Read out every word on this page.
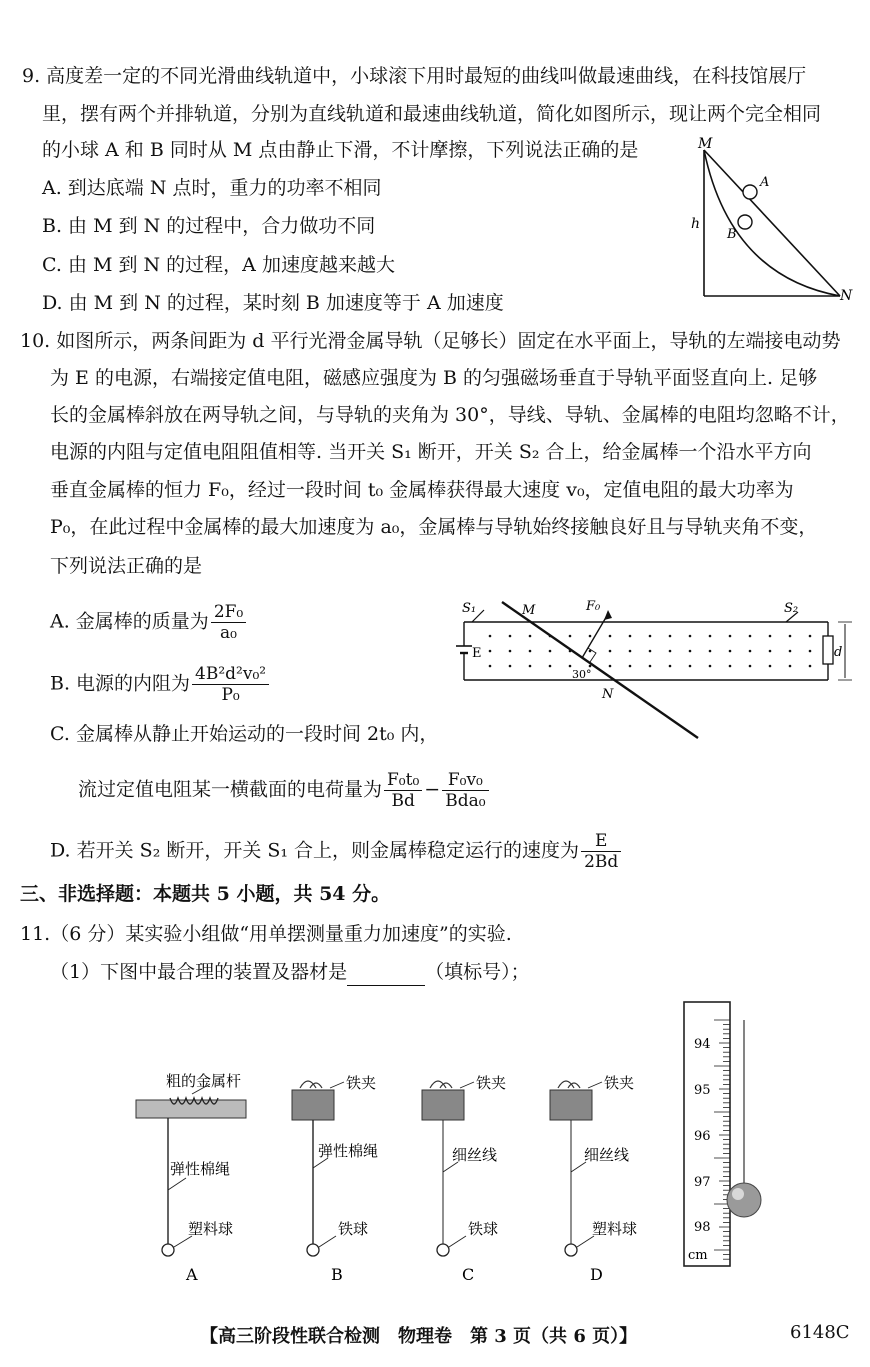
9. 高度差一定的不同光滑曲线轨道中，小球滚下用时最短的曲线叫做最速曲线，在科技馆展厅
里，摆有两个并排轨道，分别为直线轨道和最速曲线轨道，简化如图所示，现让两个完全相同
的小球 A 和 B 同时从 M 点由静止下滑，不计摩擦，下列说法正确的是
A. 到达底端 N 点时，重力的功率不相同
B. 由 M 到 N 的过程中，合力做功不同
C. 由 M 到 N 的过程，A 加速度越来越大
D. 由 M 到 N 的过程，某时刻 B 加速度等于 A 加速度
M
N
A
B
h
10. 如图所示，两条间距为 d 平行光滑金属导轨（足够长）固定在水平面上，导轨的左端接电动势
为 E 的电源，右端接定值电阻，磁感应强度为 B 的匀强磁场垂直于导轨平面竖直向上. 足够
长的金属棒斜放在两导轨之间，与导轨的夹角为 30°，导线、导轨、金属棒的电阻均忽略不计，
电源的内阻与定值电阻阻值相等. 当开关 S₁ 断开，开关 S₂ 合上，给金属棒一个沿水平方向
垂直金属棒的恒力 F₀，经过一段时间 t₀ 金属棒获得最大速度 v₀，定值电阻的最大功率为
P₀，在此过程中金属棒的最大加速度为 a₀，金属棒与导轨始终接触良好且与导轨夹角不变，
下列说法正确的是
A. 金属棒的质量为 $\frac{\text{2F₀}}{\text{a₀}}$
B. 电源的内阻为 $\frac{\text{4B²d²v₀²}}{\text{P₀}}$
C. 金属棒从静止开始运动的一段时间 2t₀ 内，
流过定值电阻某一横截面的电荷量为 $\frac{\text{F₀t₀}}{Bd} - \frac{\text{F₀v₀}}{\text{Bda₀}}$
D. 若开关 S₂ 断开，开关 S₁ 合上，则金属棒稳定运行的速度为 $\frac{E}{2Bd}$
S₁	S₂
M
N
F₀
E	d
30°
三、非选择题：本题共 5 小题，共 54 分。
11.（6 分）某实验小组做“用单摆测量重力加速度”的实验.
（1）下图中最合理的装置及器材是	（填标号）；
粗的金属杆
弹性棉绳
塑料球
A
铁夹
弹性棉绳
铁球
B
铁夹
细丝线
铁球
C
铁夹
细丝线
塑料球
D
94
95
96
97
98
cm
【高三阶段性联合检测　物理卷　第 3 页（共 6 页）】	6148C
